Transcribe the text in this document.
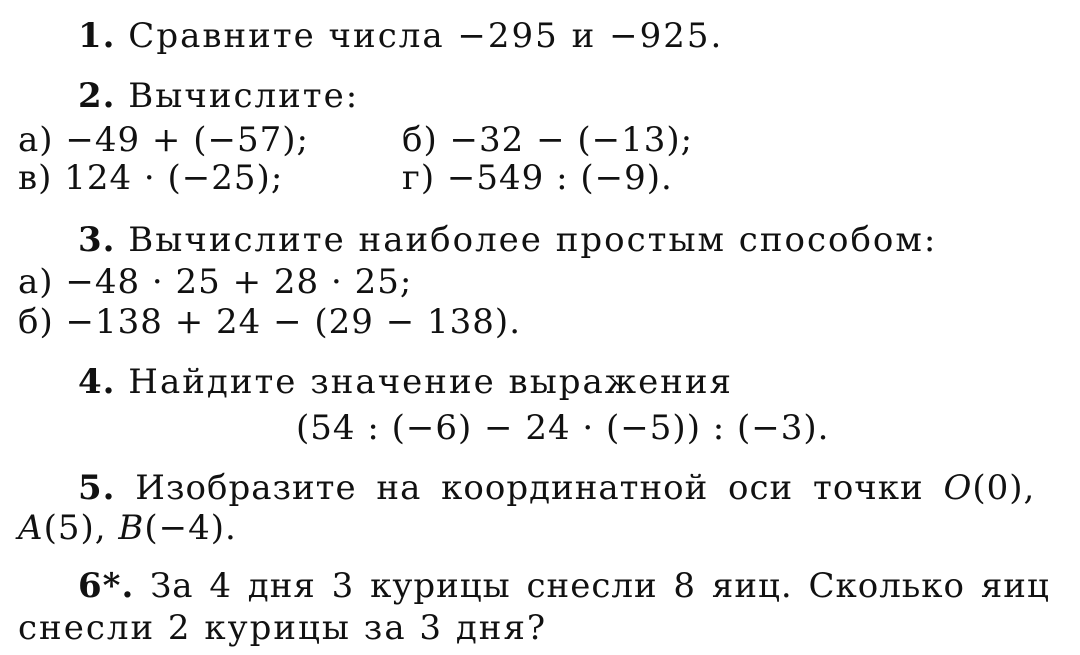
1. Сравните числа −295 и −925.
2. Вычислите:
а) −49 + (−57);	б) −32 − (−13);
в) 124 · (−25);	г) −549 : (−9).
3. Вычислите наиболее простым способом:
а) −48 · 25 + 28 · 25;
б) −138 + 24 − (29 − 138).
4. Найдите значение выражения
(54 : (−6) − 24 · (−5)) : (−3).
5. Изобразите на координатной оси точки O(0),
A(5), B(−4).
6*. За 4 дня 3 курицы снесли 8 яиц. Сколько яиц
снесли 2 курицы за 3 дня?
